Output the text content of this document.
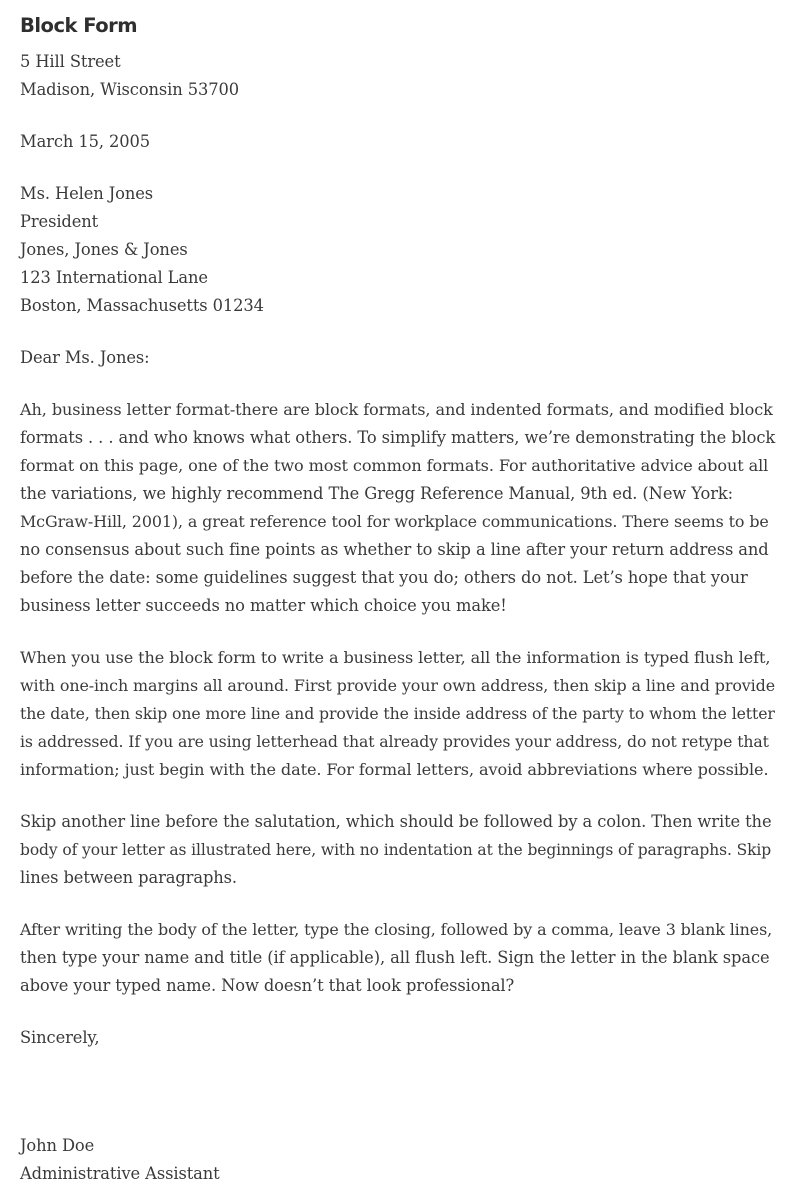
Block Form
5 Hill Street
Madison, Wisconsin 53700
March 15, 2005
Ms. Helen Jones
President
Jones, Jones & Jones
123 International Lane
Boston, Massachusetts 01234
Dear Ms. Jones:
Ah, business letter format-there are block formats, and indented formats, and modified block
formats . . . and who knows what others. To simplify matters, we’re demonstrating the block
format on this page, one of the two most common formats. For authoritative advice about all
the variations, we highly recommend The Gregg Reference Manual, 9th ed. (New York:
McGraw-Hill, 2001), a great reference tool for workplace communications. There seems to be
no consensus about such fine points as whether to skip a line after your return address and
before the date: some guidelines suggest that you do; others do not. Let’s hope that your
business letter succeeds no matter which choice you make!
When you use the block form to write a business letter, all the information is typed flush left,
with one-inch margins all around. First provide your own address, then skip a line and provide
the date, then skip one more line and provide the inside address of the party to whom the letter
is addressed. If you are using letterhead that already provides your address, do not retype that
information; just begin with the date. For formal letters, avoid abbreviations where possible.
Skip another line before the salutation, which should be followed by a colon. Then write the
body of your letter as illustrated here, with no indentation at the beginnings of paragraphs. Skip
lines between paragraphs.
After writing the body of the letter, type the closing, followed by a comma, leave 3 blank lines,
then type your name and title (if applicable), all flush left. Sign the letter in the blank space
above your typed name. Now doesn’t that look professional?
Sincerely,
John Doe
Administrative Assistant
